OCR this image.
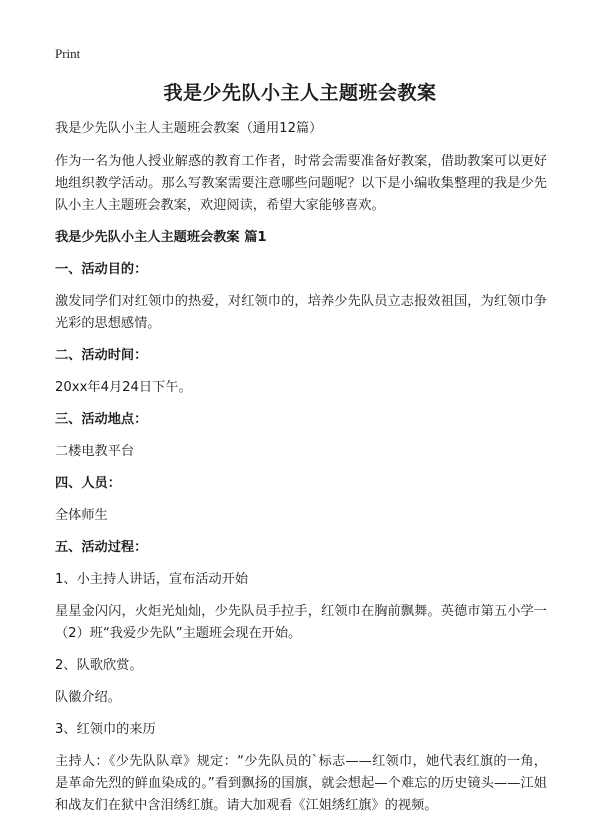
Print
我是少先队小主人主题班会教案

我是少先队小主人主题班会教案（通用12篇）

作为一名为他人授业解惑的教育工作者，时常会需要准备好教案，借助教案可以更好地组织教学活动。那么写教案需要注意哪些问题呢？以下是小编收集整理的我是少先队小主人主题班会教案，欢迎阅读，希望大家能够喜欢。

我是少先队小主人主题班会教案 篇1

一、活动目的：

激发同学们对红领巾的热爱，对红领巾的，培养少先队员立志报效祖国，为红领巾争光彩的思想感情。

二、活动时间：

20xx年4月24日下午。

三、活动地点：

二楼电教平台

四、人员：

全体师生

五、活动过程：

1、小主持人讲话，宣布活动开始

星星金闪闪，火炬光灿灿，少先队员手拉手，红领巾在胸前飘舞。英德市第五小学一（2）班“我爱少先队”主题班会现在开始。

2、队歌欣赏。

队徽介绍。

3、红领巾的来历

主持人：《少先队队章》规定：“少先队员的`标志——红领巾，她代表红旗的一角，是革命先烈的鲜血染成的。”看到飘扬的国旗，就会想起—个难忘的历史镜头——江姐和战友们在狱中含泪绣红旗。请大加观看《江姐绣红旗》的视频。
